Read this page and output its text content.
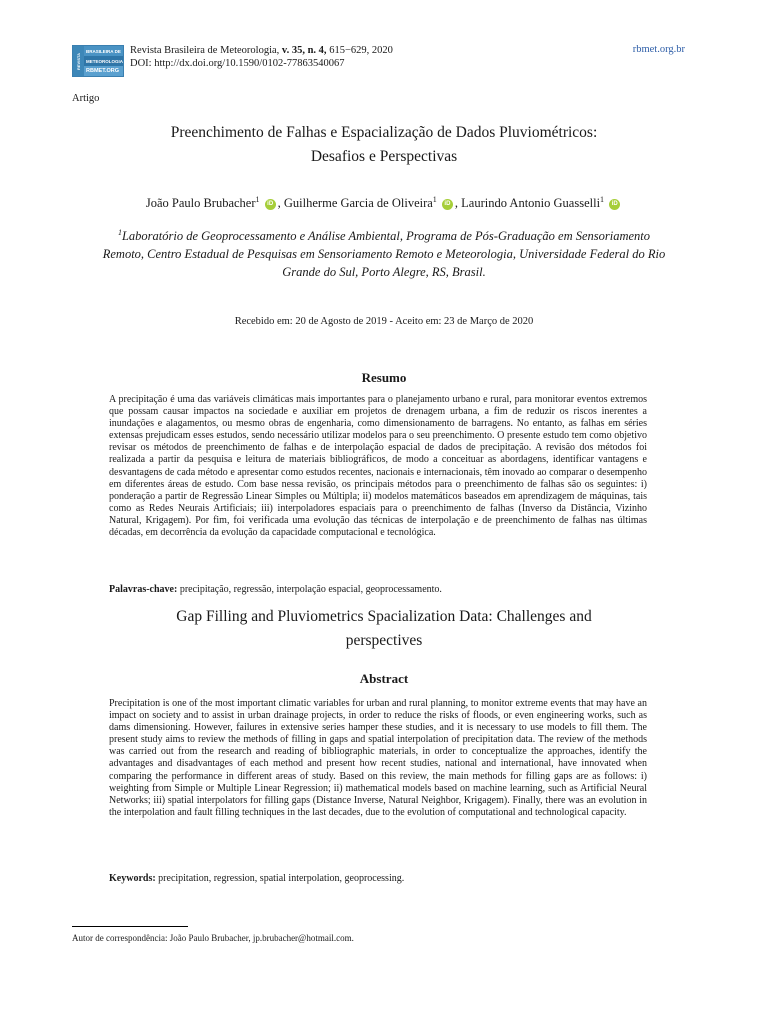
REVISTA
BRASILEIRA DE
METEOROLOGIA
RBMET.ORG
Revista Brasileira de Meteorologia, v. 35, n. 4, 615−629, 2020
DOI: http://dx.doi.org/10.1590/0102-77863540067
rbmet.org.br
Artigo
Preenchimento de Falhas e Espacialização de Dados Pluviométricos:
Desafios e Perspectivas
João Paulo Brubacher$^1$ iD , Guilherme Garcia de Oliveira$^1$ iD , Laurindo Antonio Guasselli$^1$ iD
$^1$Laboratório de Geoprocessamento e Análise Ambiental, Programa de Pós-Graduação em Sensoriamento Remoto, Centro Estadual de Pesquisas em Sensoriamento Remoto e Meteorologia, Universidade Federal do Rio Grande do Sul, Porto Alegre, RS, Brasil.
Recebido em: 20 de Agosto de 2019 - Aceito em: 23 de Março de 2020
Resumo
A precipitação é uma das variáveis climáticas mais importantes para o planejamento urbano e rural, para monitorar eventos extremos que possam causar impactos na sociedade e auxiliar em projetos de drenagem urbana, a fim de reduzir os riscos inerentes a inundações e alagamentos, ou mesmo obras de engenharia, como dimensionamento de barragens. No entanto, as falhas em séries extensas prejudicam esses estudos, sendo necessário utilizar modelos para o seu preenchimento. O presente estudo tem como objetivo revisar os métodos de preenchimento de falhas e de interpolação espacial de dados de precipitação. A revisão dos métodos foi realizada a partir da pesquisa e leitura de materiais bibliográficos, de modo a conceituar as abordagens, identificar vantagens e desvantagens de cada método e apresentar como estudos recentes, nacionais e internacionais, têm inovado ao comparar o desempenho em diferentes áreas de estudo. Com base nessa revisão, os principais métodos para o preenchimento de falhas são os seguintes: i) ponderação a partir de Regressão Linear Simples ou Múltipla; ii) modelos matemáticos baseados em aprendizagem de máquinas, tais como as Redes Neurais Artificiais; iii) interpoladores espaciais para o preenchimento de falhas (Inverso da Distância, Vizinho Natural, Krigagem). Por fim, foi verificada uma evolução das técnicas de interpolação e de preenchimento de falhas nas últimas décadas, em decorrência da evolução da capacidade computacional e tecnológica.
Palavras-chave: precipitação, regressão, interpolação espacial, geoprocessamento.
Gap Filling and Pluviometrics Spacialization Data: Challenges and
perspectives
Abstract
Precipitation is one of the most important climatic variables for urban and rural planning, to monitor extreme events that may have an impact on society and to assist in urban drainage projects, in order to reduce the risks of floods, or even engineering works, such as dams dimensioning. However, failures in extensive series hamper these studies, and it is necessary to use models to fill them. The present study aims to review the methods of filling in gaps and spatial interpolation of precipitation data. The review of the methods was carried out from the research and reading of bibliographic materials, in order to conceptualize the approaches, identify the advantages and disadvantages of each method and present how recent studies, national and international, have innovated when comparing the performance in different areas of study. Based on this review, the main methods for filling gaps are as follows: i) weighting from Simple or Multiple Linear Regression; ii) mathematical models based on machine learning, such as Artificial Neural Networks; iii) spatial interpolators for filling gaps (Distance Inverse, Natural Neighbor, Krigagem). Finally, there was an evolution in the interpolation and fault filling techniques in the last decades, due to the evolution of computational and technological capacity.
Keywords: precipitation, regression, spatial interpolation, geoprocessing.
Autor de correspondência: João Paulo Brubacher, jp.brubacher@hotmail.com.
